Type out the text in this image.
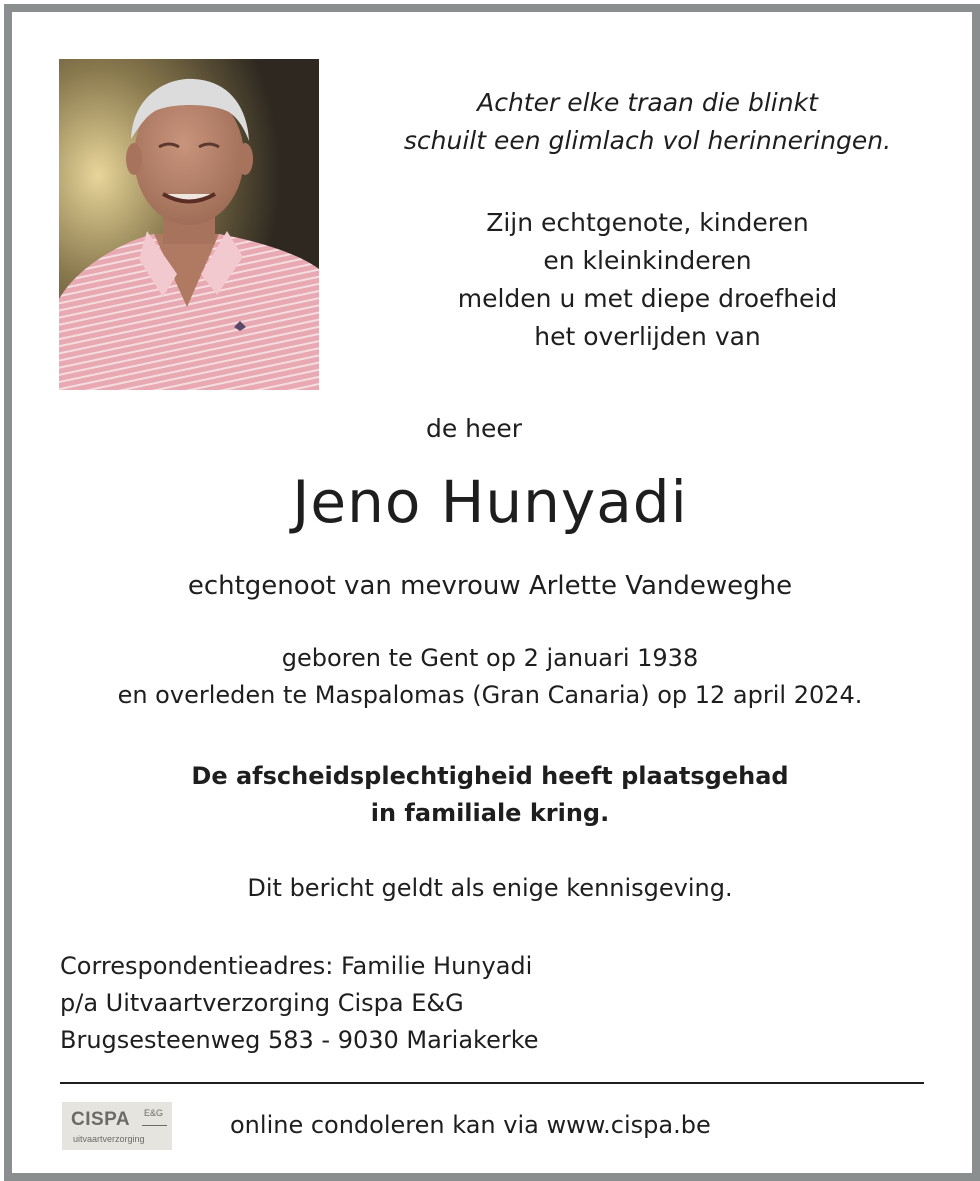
Achter elke traan die blinkt
schuilt een glimlach vol herinneringen.
Zijn echtgenote, kinderen
en kleinkinderen
melden u met diepe droefheid
het overlijden van
de heer
Jeno Hunyadi
echtgenoot van mevrouw Arlette Vandeweghe
geboren te Gent op 2 januari 1938
en overleden te Maspalomas (Gran Canaria) op 12 april 2024.
De afscheidsplechtigheid heeft plaatsgehad
in familiale kring.
Dit bericht geldt als enige kennisgeving.
Correspondentieadres: Familie Hunyadi
p/a Uitvaartverzorging Cispa E&G
Brugsesteenweg 583 - 9030 Mariakerke
CISPA E&G
uitvaartverzorging	online condoleren kan via www.cispa.be
